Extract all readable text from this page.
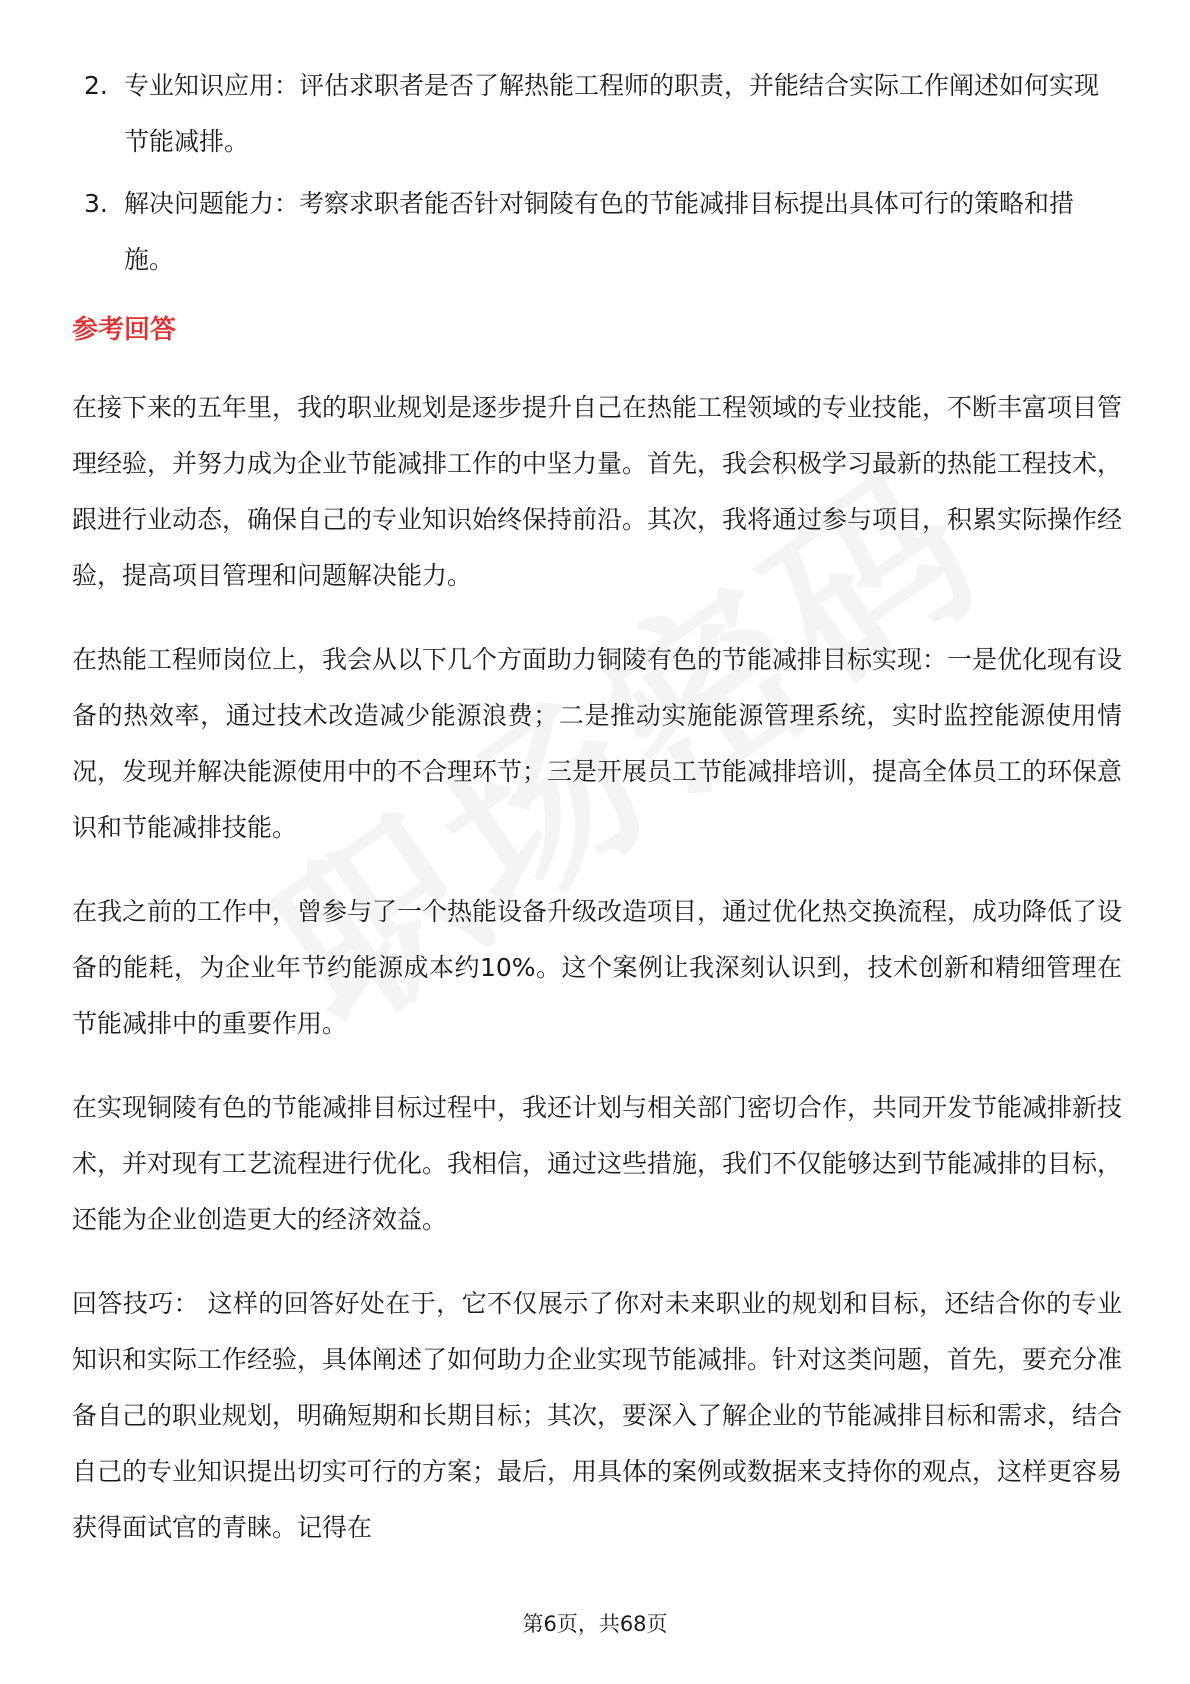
2. 专业知识应用：评估求职者是否了解热能工程师的职责，并能结合实际工作阐述如何实现节能减排。
3. 解决问题能力：考察求职者能否针对铜陵有色的节能减排目标提出具体可行的策略和措施。
参考回答

在接下来的五年里，我的职业规划是逐步提升自己在热能工程领域的专业技能，不断丰富项目管理经验，并努力成为企业节能减排工作的中坚力量。首先，我会积极学习最新的热能工程技术，跟进行业动态，确保自己的专业知识始终保持前沿。其次，我将通过参与项目，积累实际操作经验，提高项目管理和问题解决能力。

在热能工程师岗位上，我会从以下几个方面助力铜陵有色的节能减排目标实现：一是优化现有设备的热效率，通过技术改造减少能源浪费；二是推动实施能源管理系统，实时监控能源使用情况，发现并解决能源使用中的不合理环节；三是开展员工节能减排培训，提高全体员工的环保意识和节能减排技能。

在我之前的工作中，曾参与了一个热能设备升级改造项目，通过优化热交换流程，成功降低了设备的能耗，为企业年节约能源成本约10%。这个案例让我深刻认识到，技术创新和精细管理在节能减排中的重要作用。

在实现铜陵有色的节能减排目标过程中，我还计划与相关部门密切合作，共同开发节能减排新技术，并对现有工艺流程进行优化。我相信，通过这些措施，我们不仅能够达到节能减排的目标，还能为企业创造更大的经济效益。

回答技巧： 这样的回答好处在于，它不仅展示了你对未来职业的规划和目标，还结合你的专业知识和实际工作经验，具体阐述了如何助力企业实现节能减排。针对这类问题，首先，要充分准备自己的职业规划，明确短期和长期目标；其次，要深入了解企业的节能减排目标和需求，结合自己的专业知识提出切实可行的方案；最后，用具体的案例或数据来支持你的观点，这样更容易获得面试官的青睐。记得在

第6页，共68页
